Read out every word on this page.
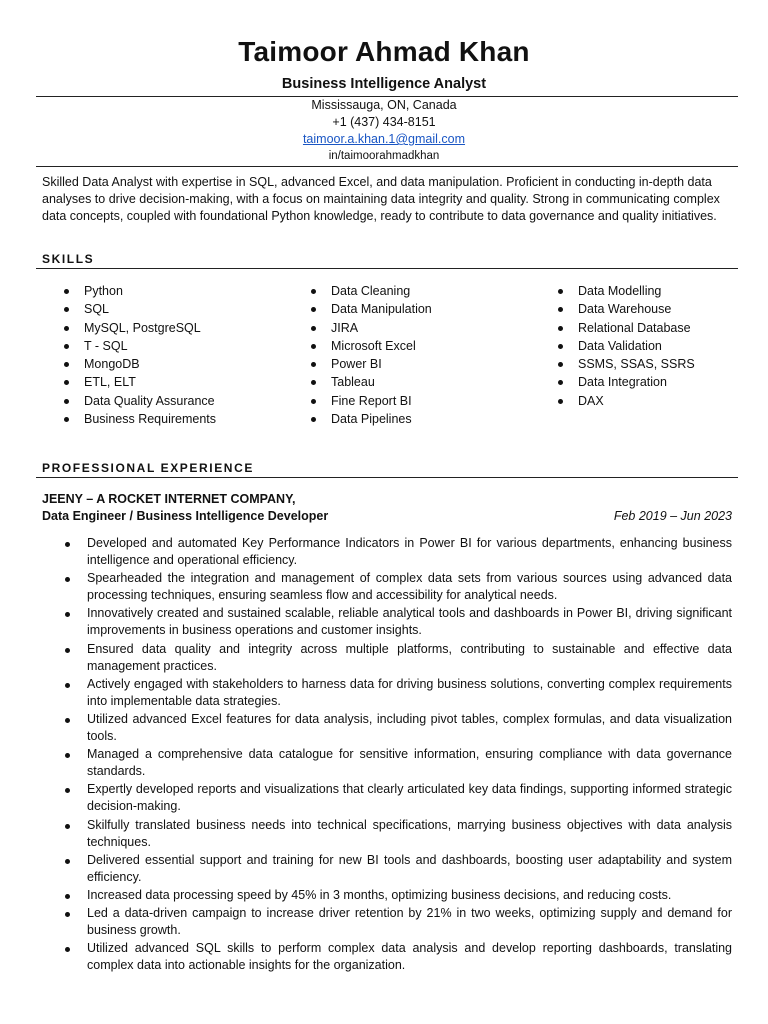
Taimoor Ahmad Khan
Business Intelligence Analyst
Mississauga, ON, Canada
+1 (437) 434-8151
taimoor.a.khan.1@gmail.com
in/taimoorahmadkhan
Skilled Data Analyst with expertise in SQL, advanced Excel, and data manipulation. Proficient in conducting in-depth data analyses to drive decision-making, with a focus on maintaining data integrity and quality. Strong in communicating complex data concepts, coupled with foundational Python knowledge, ready to contribute to data governance and quality initiatives.
SKILLS
Python
SQL
MySQL, PostgreSQL
T - SQL
MongoDB
ETL, ELT
Data Quality Assurance
Business Requirements
Data Cleaning
Data Manipulation
JIRA
Microsoft Excel
Power BI
Tableau
Fine Report BI
Data Pipelines
Data Modelling
Data Warehouse
Relational Database
Data Validation
SSMS, SSAS, SSRS
Data Integration
DAX
PROFESSIONAL EXPERIENCE
JEENY – A ROCKET INTERNET COMPANY,
Data Engineer / Business Intelligence Developer	Feb 2019 – Jun 2023
Developed and automated Key Performance Indicators in Power BI for various departments, enhancing business intelligence and operational efficiency.
Spearheaded the integration and management of complex data sets from various sources using advanced data processing techniques, ensuring seamless flow and accessibility for analytical needs.
Innovatively created and sustained scalable, reliable analytical tools and dashboards in Power BI, driving significant improvements in business operations and customer insights.
Ensured data quality and integrity across multiple platforms, contributing to sustainable and effective data management practices.
Actively engaged with stakeholders to harness data for driving business solutions, converting complex requirements into implementable data strategies.
Utilized advanced Excel features for data analysis, including pivot tables, complex formulas, and data visualization tools.
Managed a comprehensive data catalogue for sensitive information, ensuring compliance with data governance standards.
Expertly developed reports and visualizations that clearly articulated key data findings, supporting informed strategic decision-making.
Skilfully translated business needs into technical specifications, marrying business objectives with data analysis techniques.
Delivered essential support and training for new BI tools and dashboards, boosting user adaptability and system efficiency.
Increased data processing speed by 45% in 3 months, optimizing business decisions, and reducing costs.
Led a data-driven campaign to increase driver retention by 21% in two weeks, optimizing supply and demand for business growth.
Utilized advanced SQL skills to perform complex data analysis and develop reporting dashboards, translating complex data into actionable insights for the organization.
